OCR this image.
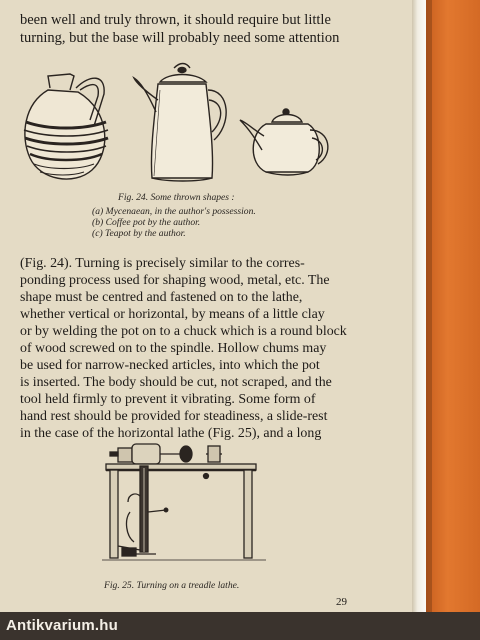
been well and truly thrown, it should require but little
turning, but the base will probably need some attention
Fig. 24. Some thrown shapes :
(a) Mycenaean, in the author's possession.
(b) Coffee pot by the author.
(c) Teapot by the author.
(Fig. 24). Turning is precisely similar to the corres-
ponding process used for shaping wood, metal, etc. The
shape must be centred and fastened on to the lathe,
whether vertical or horizontal, by means of a little clay
or by welding the pot on to a chuck which is a round block
of wood screwed on to the spindle. Hollow chums may
be used for narrow-necked articles, into which the pot
is inserted. The body should be cut, not scraped, and the
tool held firmly to prevent it vibrating. Some form of
hand rest should be provided for steadiness, a slide-rest
in the case of the horizontal lathe (Fig. 25), and a long
Fig. 25. Turning on a treadle lathe.
29
Antikvarium.hu
